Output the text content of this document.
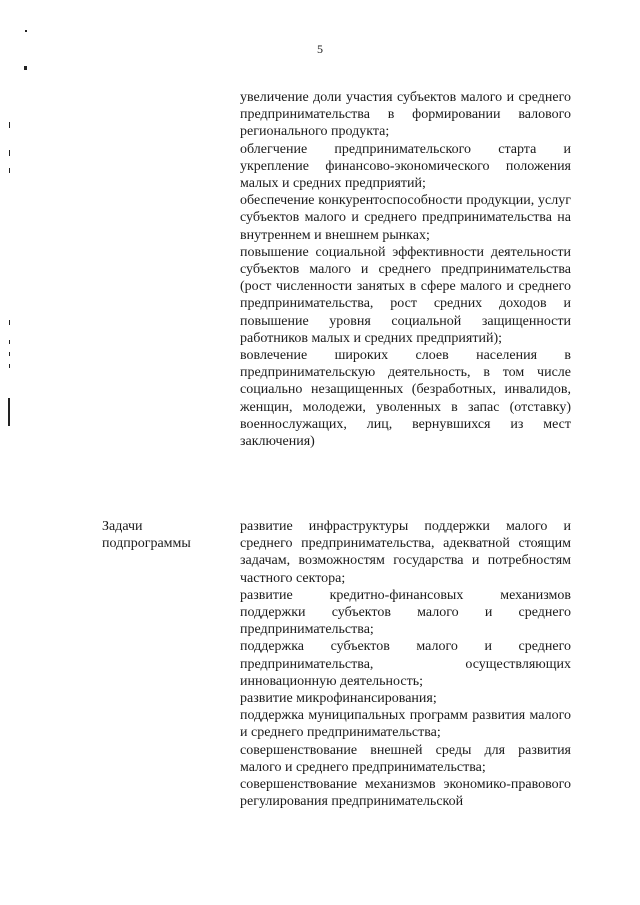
5
увеличение доли участия субъектов малого и среднего предпринимательства в формировании валового регионального продукта;
облегчение предпринимательского старта и укрепление финансово-экономического положения малых и средних предприятий;
обеспечение конкурентоспособности продукции, услуг субъектов малого и среднего предпринимательства на внутреннем и внешнем рынках;
повышение социальной эффективности деятельности субъектов малого и среднего предпринимательства (рост численности занятых в сфере малого и среднего предпринимательства, рост средних доходов и повышение уровня социальной защищенности работников малых и средних предприятий);
вовлечение широких слоев населения в предпринимательскую деятельность, в том числе социально незащищенных (безработных, инвалидов, женщин, молодежи, уволенных в запас (отставку) военнослужащих, лиц, вернувшихся из мест заключения)
Задачи подпрограммы
развитие инфраструктуры поддержки малого и среднего предпринимательства, адекватной стоящим задачам, возможностям государства и потребностям частного сектора;
развитие кредитно-финансовых механизмов поддержки субъектов малого и среднего предпринимательства;
поддержка субъектов малого и среднего предпринимательства, осуществляющих инновационную деятельность;
развитие микрофинансирования;
поддержка муниципальных программ развития малого и среднего предпринимательства;
совершенствование внешней среды для развития малого и среднего предпринимательства;
совершенствование механизмов экономико-правового регулирования предпринимательской
